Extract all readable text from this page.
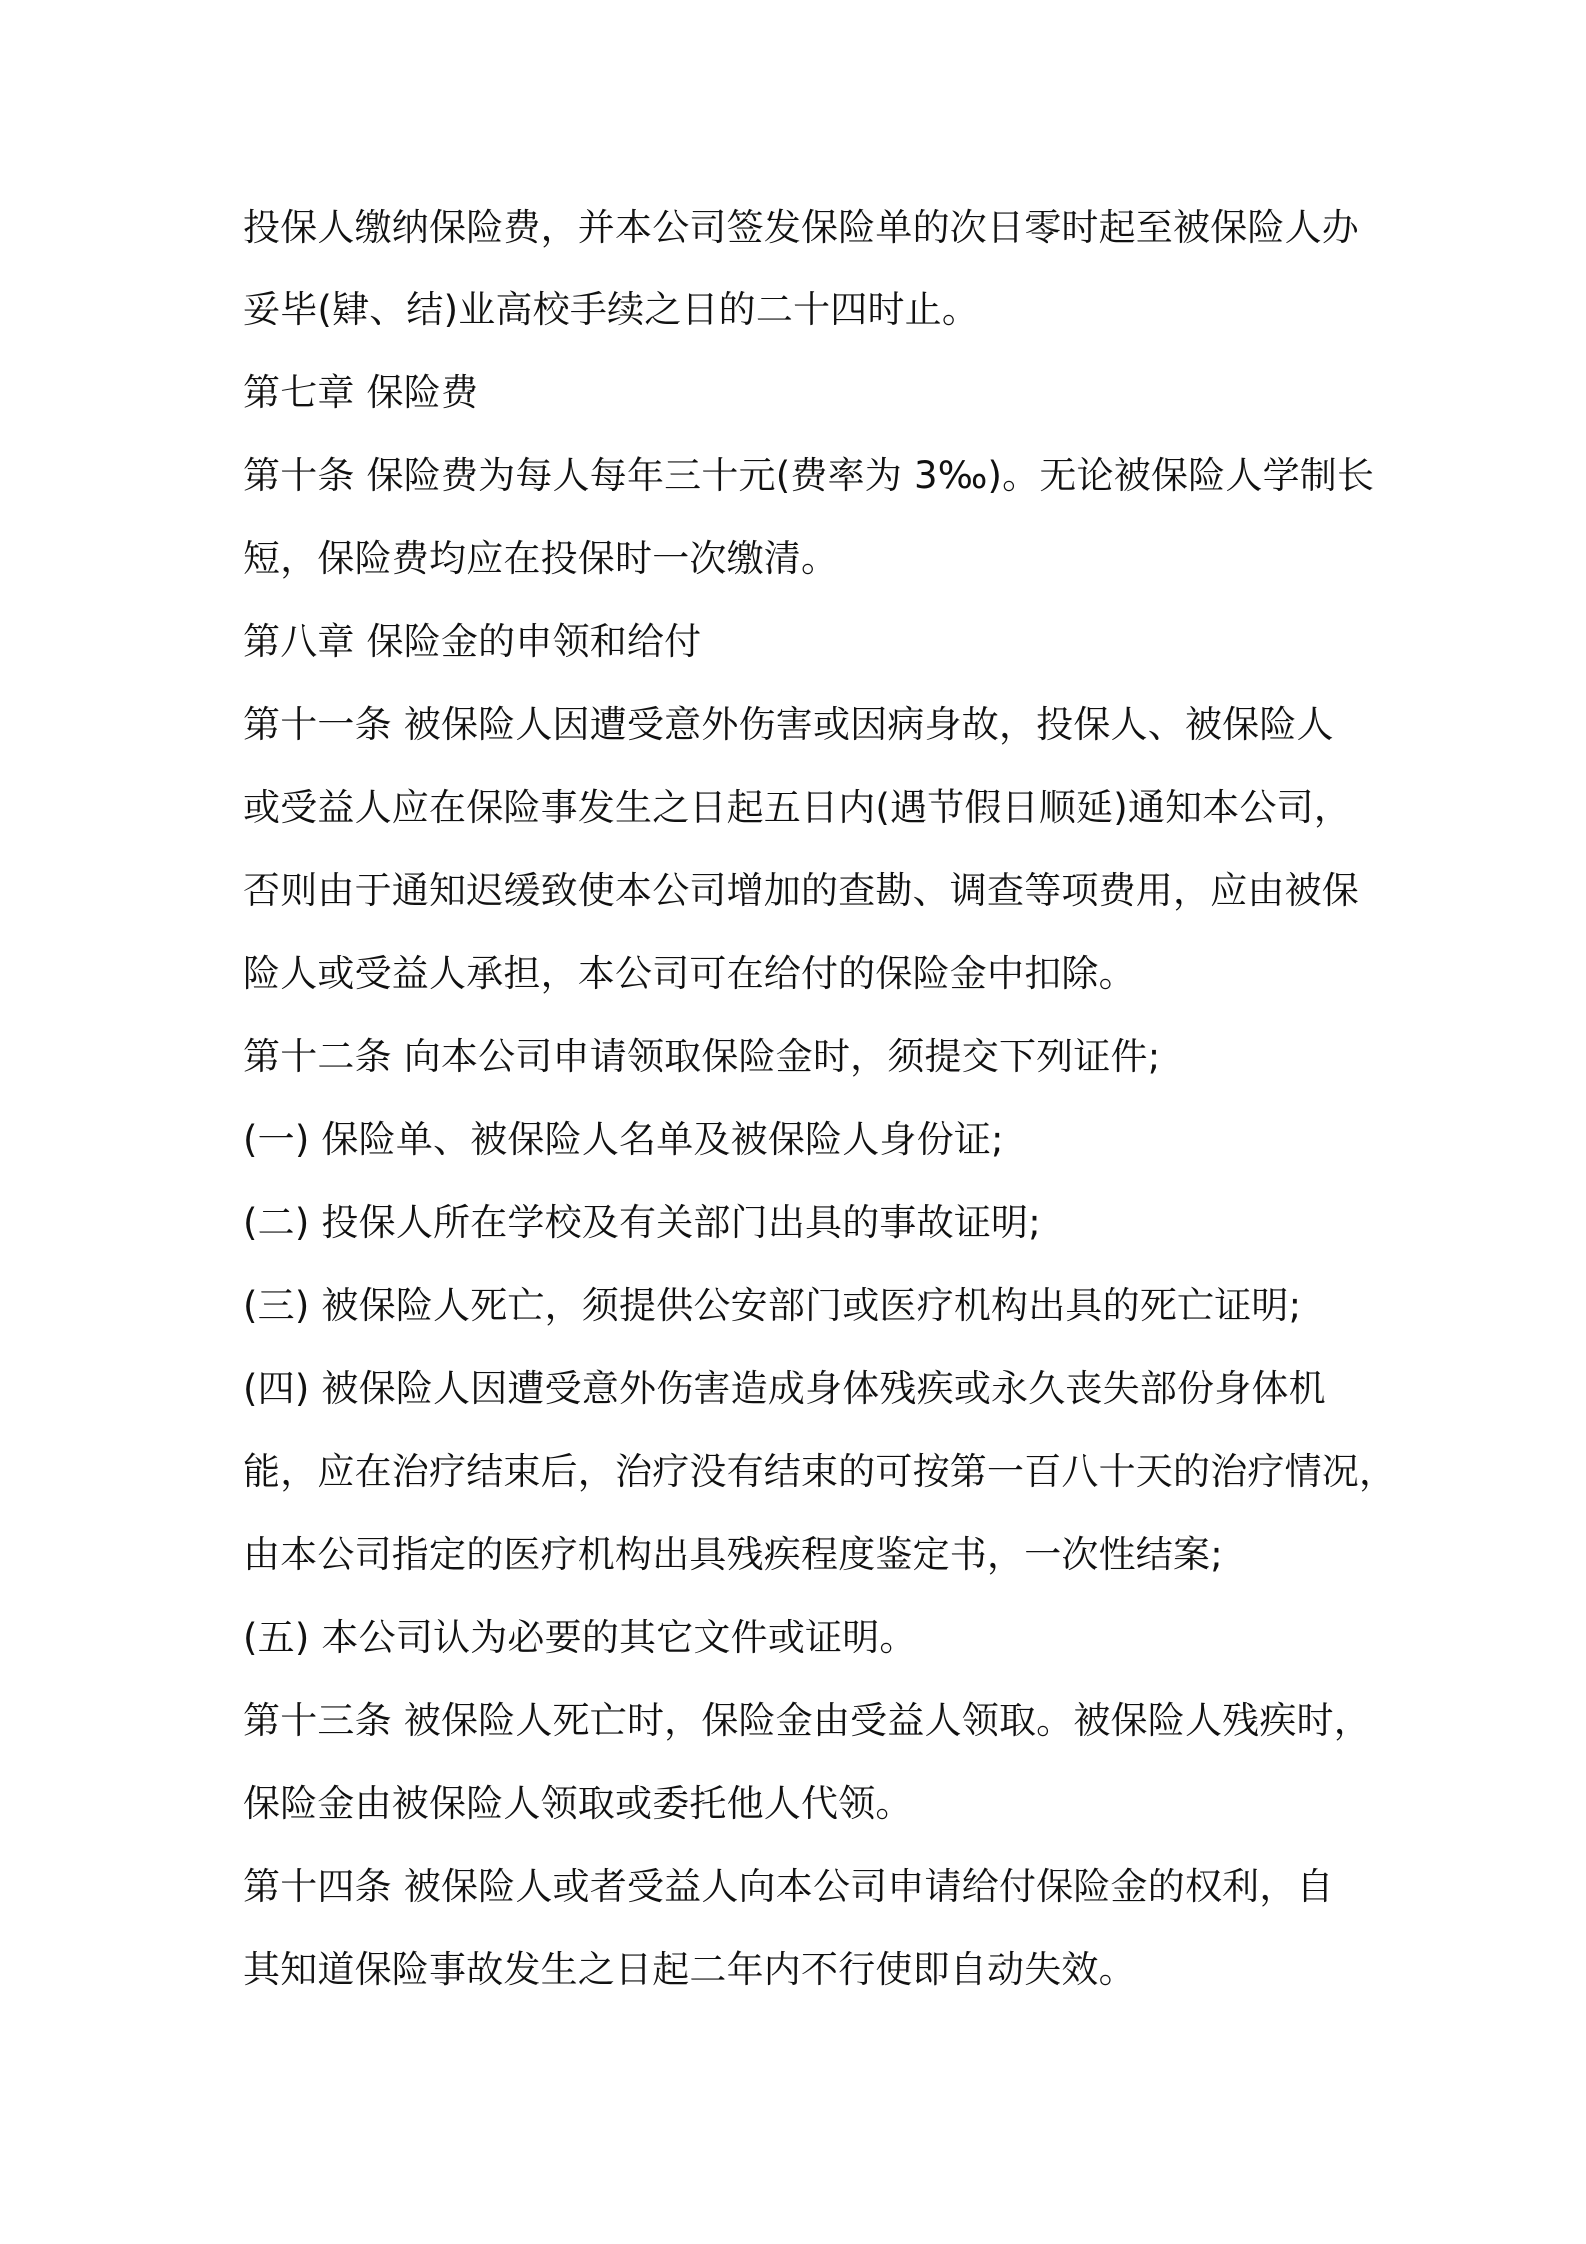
投保人缴纳保险费，并本公司签发保险单的次日零时起至被保险人办
妥毕(肄、结)业高校手续之日的二十四时止。
第七章 保险费
第十条 保险费为每人每年三十元(费率为 3‰)。无论被保险人学制长
短，保险费均应在投保时一次缴清。
第八章 保险金的申领和给付
第十一条 被保险人因遭受意外伤害或因病身故，投保人、被保险人
或受益人应在保险事发生之日起五日内(遇节假日顺延)通知本公司，
否则由于通知迟缓致使本公司增加的查勘、调查等项费用，应由被保
险人或受益人承担，本公司可在给付的保险金中扣除。
第十二条 向本公司申请领取保险金时，须提交下列证件;
(一) 保险单、被保险人名单及被保险人身份证;
(二) 投保人所在学校及有关部门出具的事故证明;
(三) 被保险人死亡，须提供公安部门或医疗机构出具的死亡证明;
(四) 被保险人因遭受意外伤害造成身体残疾或永久丧失部份身体机
能，应在治疗结束后，治疗没有结束的可按第一百八十天的治疗情况，
由本公司指定的医疗机构出具残疾程度鉴定书，一次性结案;
(五) 本公司认为必要的其它文件或证明。
第十三条 被保险人死亡时，保险金由受益人领取。被保险人残疾时，
保险金由被保险人领取或委托他人代领。
第十四条 被保险人或者受益人向本公司申请给付保险金的权利，自
其知道保险事故发生之日起二年内不行使即自动失效。
